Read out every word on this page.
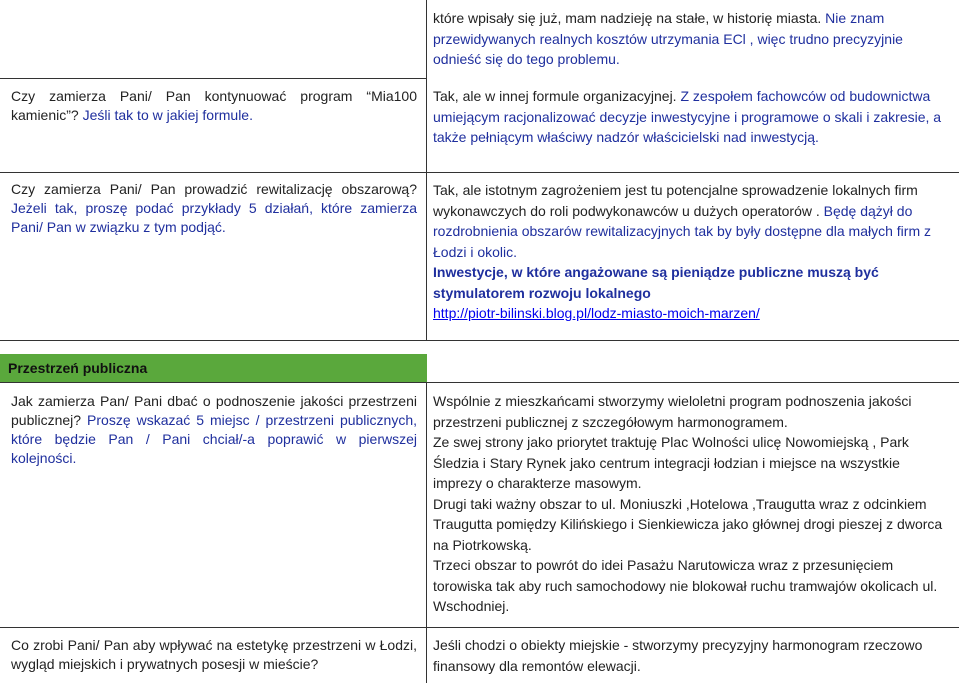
Czy zamierza Pani/ Pan kontynuować program “Mia100 kamienic”? Jeśli tak to w jakiej formule.
które wpisały się już, mam nadzieję na stałe, w historię miasta. Nie znam przewidywanych realnych kosztów utrzymania ECl , więc trudno precyzyjnie odnieść się do tego problemu.
Tak, ale w innej formule organizacyjnej. Z zespołem fachowców od budownictwa umiejącym racjonalizować decyzje inwestycyjne i programowe o skali i zakresie, a także pełniącym właściwy nadzór właścicielski nad inwestycją.
Czy zamierza Pani/ Pan prowadzić rewitalizację obszarową? Jeżeli tak, proszę podać przykłady 5 działań, które zamierza Pani/ Pan w związku z tym podjąć.
Tak, ale istotnym zagrożeniem jest tu potencjalne sprowadzenie lokalnych firm wykonawczych do roli podwykonawców u dużych operatorów . Będę dążył do rozdrobnienia obszarów rewitalizacyjnych tak by były dostępne dla małych firm z Łodzi i okolic.

Inwestycje, w które angażowane są pieniądze publiczne muszą być stymulatorem rozwoju lokalnego

http://piotr-bilinski.blog.pl/lodz-miasto-moich-marzen/
Przestrzeń publiczna
Jak zamierza Pan/ Pani dbać o podnoszenie jakości przestrzeni publicznej? Proszę wskazać 5 miejsc / przestrzeni publicznych, które będzie Pan / Pani chciał/-a poprawić w pierwszej kolejności.

Wspólnie z mieszkańcami stworzymy wieloletni program podnoszenia jakości przestrzeni publicznej z szczegółowym harmonogramem.

Ze swej strony jako priorytet traktuję Plac Wolności ulicę Nowomiejską , Park Śledzia i Stary Rynek jako centrum integracji łodzian i miejsce na wszystkie imprezy o charakterze masowym.

Drugi taki ważny obszar to ul. Moniuszki ,Hotelowa ,Traugutta wraz z odcinkiem Traugutta pomiędzy Kilińskiego i Sienkiewicza jako głównej drogi pieszej z dworca na Piotrkowską.

Trzeci obszar to powrót do idei Pasażu Narutowicza wraz z przesunięciem torowiska tak aby ruch samochodowy nie blokował ruchu tramwajów okolicach ul. Wschodniej.

Co zrobi Pani/ Pan aby wpływać na estetykę przestrzeni w Łodzi, wygląd miejskich i prywatnych posesji w mieście?
Jeśli chodzi o obiekty miejskie - stworzymy precyzyjny harmonogram rzeczowo finansowy dla remontów elewacji.
